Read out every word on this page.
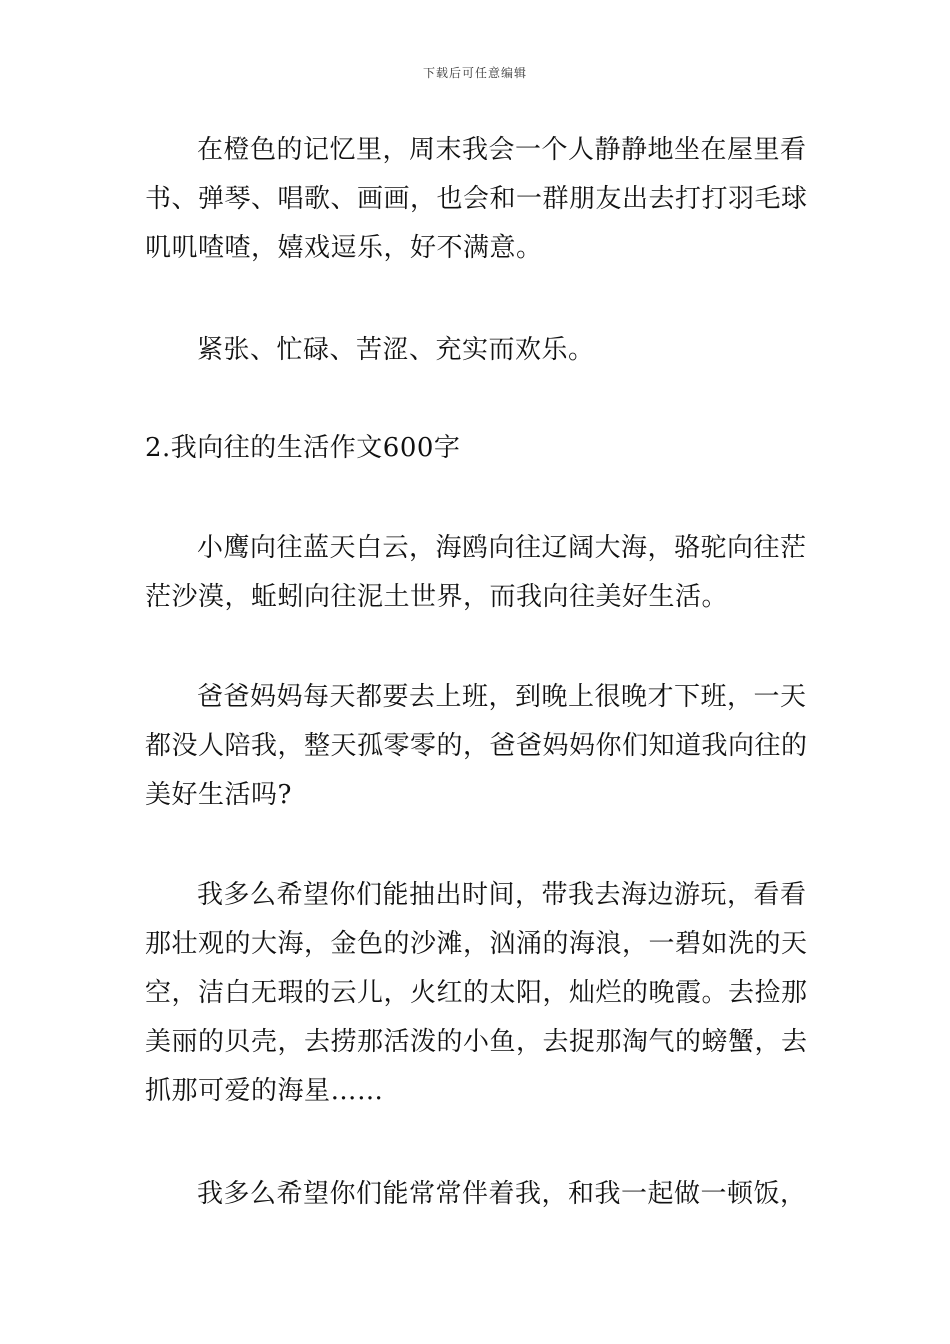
下载后可任意编辑

在橙色的记忆里，周末我会一个人静静地坐在屋里看

书、弹琴、唱歌、画画，也会和一群朋友出去打打羽毛球

叽叽喳喳，嬉戏逗乐，好不满意。

紧张、忙碌、苦涩、充实而欢乐。

2.我向往的生活作文600字

小鹰向往蓝天白云，海鸥向往辽阔大海，骆驼向往茫

茫沙漠，蚯蚓向往泥土世界，而我向往美好生活。

爸爸妈妈每天都要去上班，到晚上很晚才下班，一天

都没人陪我，整天孤零零的，爸爸妈妈你们知道我向往的

美好生活吗?

我多么希望你们能抽出时间，带我去海边游玩，看看

那壮观的大海，金色的沙滩，汹涌的海浪，一碧如洗的天

空，洁白无瑕的云儿，火红的太阳，灿烂的晚霞。去捡那

美丽的贝壳，去捞那活泼的小鱼，去捉那淘气的螃蟹，去

抓那可爱的海星……

我多么希望你们能常常伴着我，和我一起做一顿饭，
